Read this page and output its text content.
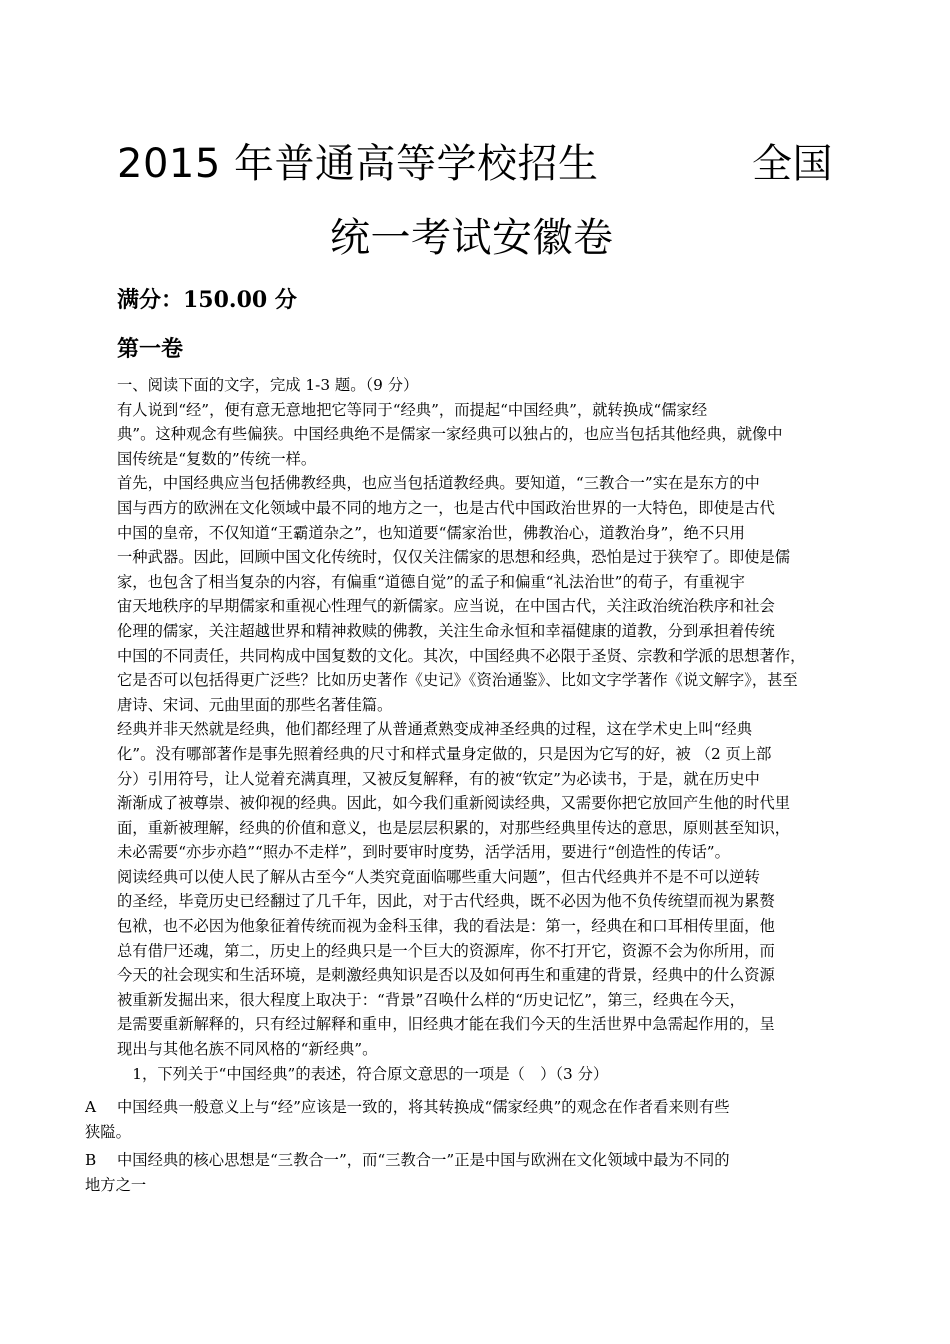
2015 年普通高等学校招生	全国
统一考试安徽卷
满分：150.00 分
第一卷
一、阅读下面的文字，完成 1-3 题。（9 分）
有人说到“经”，便有意无意地把它等同于“经典”，而提起“中国经典”，就转换成“儒家经
典”。这种观念有些偏狭。中国经典绝不是儒家一家经典可以独占的，也应当包括其他经典，就像中
国传统是“复数的”传统一样。
首先，中国经典应当包括佛教经典，也应当包括道教经典。要知道，“三教合一”实在是东方的中
国与西方的欧洲在文化领域中最不同的地方之一，也是古代中国政治世界的一大特色，即使是古代
中国的皇帝，不仅知道“王霸道杂之”，也知道要“儒家治世，佛教治心，道教治身”，绝不只用
一种武器。因此，回顾中国文化传统时，仅仅关注儒家的思想和经典，恐怕是过于狭窄了。即使是儒
家，也包含了相当复杂的内容，有偏重“道德自觉”的孟子和偏重“礼法治世”的荀子，有重视宇
宙天地秩序的早期儒家和重视心性理气的新儒家。应当说，在中国古代，关注政治统治秩序和社会
伦理的儒家，关注超越世界和精神救赎的佛教，关注生命永恒和幸福健康的道教，分到承担着传统
中国的不同责任，共同构成中国复数的文化。其次，中国经典不必限于圣贤、宗教和学派的思想著作，
它是否可以包括得更广泛些？比如历史著作《史记》《资治通鉴》、比如文字学著作《说文解字》，甚至
唐诗、宋词、元曲里面的那些名著佳篇。
经典并非天然就是经典，他们都经理了从普通煮熟变成神圣经典的过程，这在学术史上叫“经典
化”。没有哪部著作是事先照着经典的尺寸和样式量身定做的，只是因为它写的好，被 （2 页上部
分）引用符号，让人觉着充满真理，又被反复解释，有的被“钦定”为必读书，于是，就在历史中
渐渐成了被尊崇、被仰视的经典。因此，如今我们重新阅读经典，又需要你把它放回产生他的时代里
面，重新被理解，经典的价值和意义，也是层层积累的，对那些经典里传达的意思，原则甚至知识，
未必需要“亦步亦趋”“照办不走样”，到时要审时度势，活学活用，要进行“创造性的传话”。
阅读经典可以使人民了解从古至今“人类究竟面临哪些重大问题”，但古代经典并不是不可以逆转
的圣经，毕竟历史已经翻过了几千年，因此，对于古代经典，既不必因为他不负传统望而视为累赘
包袱，也不必因为他象征着传统而视为金科玉律，我的看法是：第一，经典在和口耳相传里面，他
总有借尸还魂，第二，历史上的经典只是一个巨大的资源库，你不打开它，资源不会为你所用，而
今天的社会现实和生活环境，是刺激经典知识是否以及如何再生和重建的背景，经典中的什么资源
被重新发掘出来，很大程度上取决于：“背景”召唤什么样的“历史记忆”，第三，经典在今天，
是需要重新解释的，只有经过解释和重申，旧经典才能在我们今天的生活世界中急需起作用的，呈
现出与其他名族不同风格的“新经典”。
　1，下列关于“中国经典”的表述，符合原文意思的一项是（　）（3 分）
A 中国经典一般意义上与“经”应该是一致的，将其转换成“儒家经典”的观念在作者看来则有些
狭隘。
B 中国经典的核心思想是“三教合一”，而“三教合一”正是中国与欧洲在文化领域中最为不同的
地方之一
